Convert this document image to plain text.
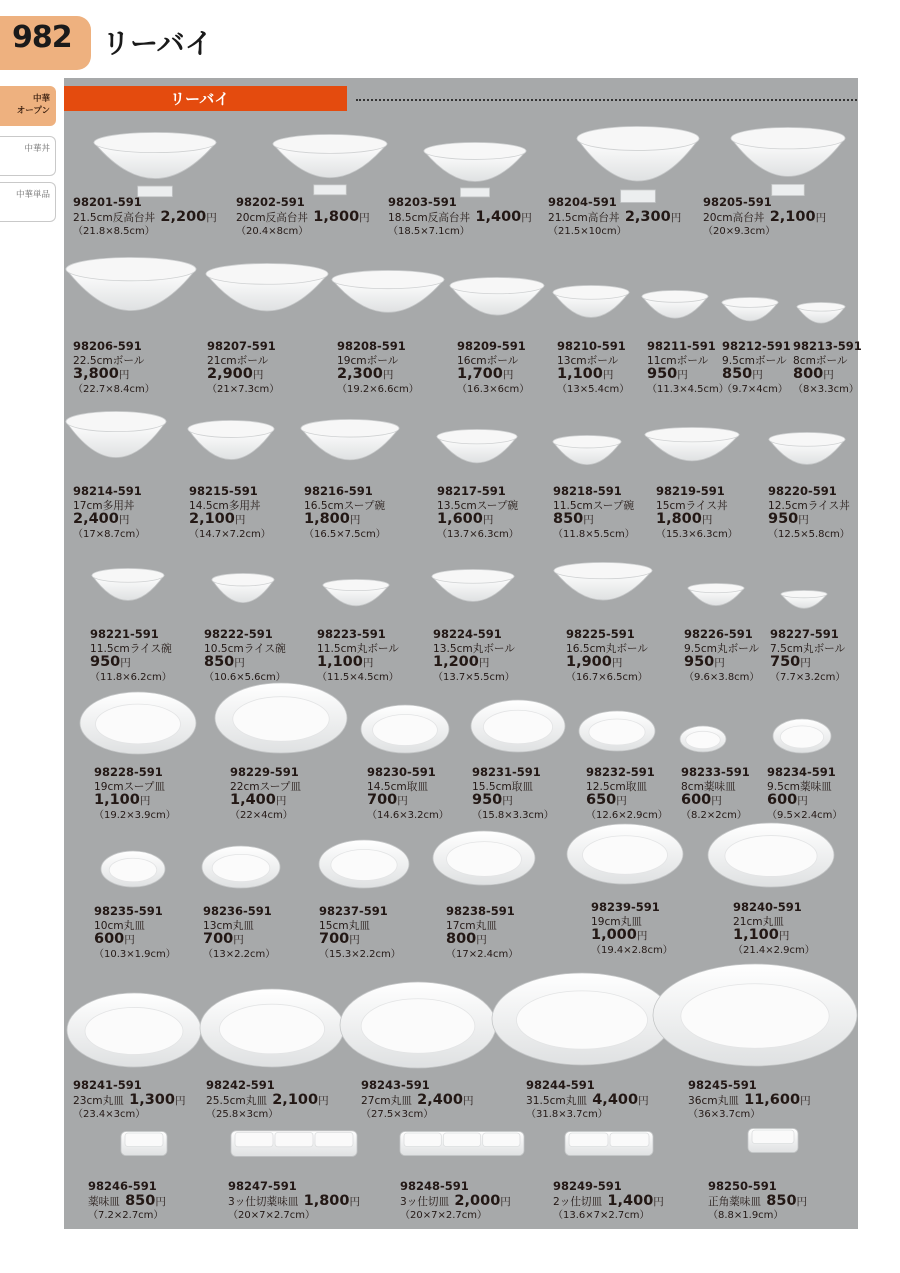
982 リーバイ
中華
オープン
中華丼
中華単品
リーバイ
98201-591
21.5cm反高台丼  2,200円
（21.8×8.5cm）
98202-591
20cm反高台丼  1,800円
（20.4×8cm）
98203-591
18.5cm反高台丼  1,400円
（18.5×7.1cm）
98204-591
21.5cm高台丼  2,300円
（21.5×10cm）
98205-591
20cm高台丼  2,100円
（20×9.3cm）
98206-591
22.5cmボール
3,800円
（22.7×8.4cm）
98207-591
21cmボール
2,900円
（21×7.3cm）
98208-591
19cmボール
2,300円
（19.2×6.6cm）
98209-591
16cmボール
1,700円
（16.3×6cm）
98210-591
13cmボール
1,100円
（13×5.4cm）
98211-591
11cmボール
950円
（11.3×4.5cm）
98212-591
9.5cmボール
850円
（9.7×4cm）
98213-591
8cmボール
800円
（8×3.3cm）
98214-591
17cm多用丼
2,400円
（17×8.7cm）
98215-591
14.5cm多用丼
2,100円
（14.7×7.2cm）
98216-591
16.5cmスープ碗
1,800円
（16.5×7.5cm）
98217-591
13.5cmスープ碗
1,600円
（13.7×6.3cm）
98218-591
11.5cmスープ碗
850円
（11.8×5.5cm）
98219-591
15cmライス丼
1,800円
（15.3×6.3cm）
98220-591
12.5cmライス丼
950円
（12.5×5.8cm）
98221-591
11.5cmライス碗
950円
（11.8×6.2cm）
98222-591
10.5cmライス碗
850円
（10.6×5.6cm）
98223-591
11.5cm丸ボール
1,100円
（11.5×4.5cm）
98224-591
13.5cm丸ボール
1,200円
（13.7×5.5cm）
98225-591
16.5cm丸ボール
1,900円
（16.7×6.5cm）
98226-591
9.5cm丸ボール
950円
（9.6×3.8cm）
98227-591
7.5cm丸ボール
750円
（7.7×3.2cm）
98228-591
19cmスープ皿
1,100円
（19.2×3.9cm）
98229-591
22cmスープ皿
1,400円
（22×4cm）
98230-591
14.5cm取皿
700円
（14.6×3.2cm）
98231-591
15.5cm取皿
950円
（15.8×3.3cm）
98232-591
12.5cm取皿
650円
（12.6×2.9cm）
98233-591
8cm薬味皿
600円
（8.2×2cm）
98234-591
9.5cm薬味皿
600円
（9.5×2.4cm）
98235-591
10cm丸皿
600円
（10.3×1.9cm）
98236-591
13cm丸皿
700円
（13×2.2cm）
98237-591
15cm丸皿
700円
（15.3×2.2cm）
98238-591
17cm丸皿
800円
（17×2.4cm）
98239-591
19cm丸皿
1,000円
（19.4×2.8cm）
98240-591
21cm丸皿
1,100円
（21.4×2.9cm）
98241-591
23cm丸皿  1,300円
（23.4×3cm）
98242-591
25.5cm丸皿  2,100円
（25.8×3cm）
98243-591
27cm丸皿  2,400円
（27.5×3cm）
98244-591
31.5cm丸皿  4,400円
（31.8×3.7cm）
98245-591
36cm丸皿  11,600円
（36×3.7cm）
98246-591
薬味皿  850円
（7.2×2.7cm）
98247-591
3ッ仕切薬味皿  1,800円
（20×7×2.7cm）
98248-591
3ッ仕切皿  2,000円
（20×7×2.7cm）
98249-591
2ッ仕切皿  1,400円
（13.6×7×2.7cm）
98250-591
正角薬味皿  850円
（8.8×1.9cm）
